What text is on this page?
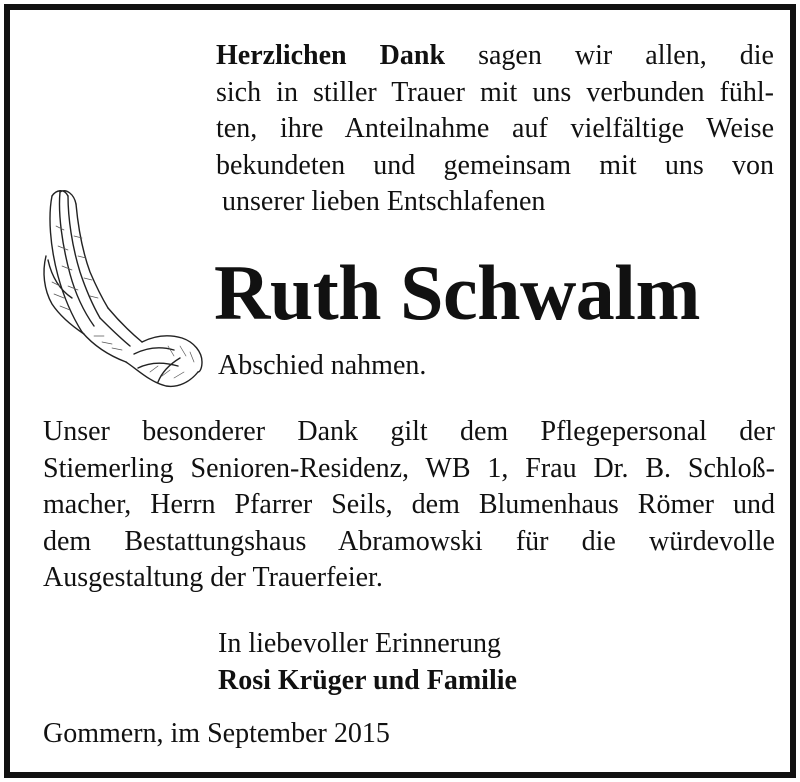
Herzlichen Dank sagen wir allen, die
sich in stiller Trauer mit uns verbunden fühl-
ten, ihre Anteilnahme auf vielfältige Weise
bekundeten und gemeinsam mit uns von
unserer lieben Entschlafenen
Ruth Schwalm
Abschied nahmen.
Unser besonderer Dank gilt dem Pflegepersonal der
Stiemerling Senioren-Residenz, WB 1, Frau Dr. B. Schloß-
macher, Herrn Pfarrer Seils, dem Blumenhaus Römer und
dem Bestattungshaus Abramowski für die würdevolle
Ausgestaltung der Trauerfeier.
In liebevoller Erinnerung
Rosi Krüger und Familie
Gommern, im September 2015
